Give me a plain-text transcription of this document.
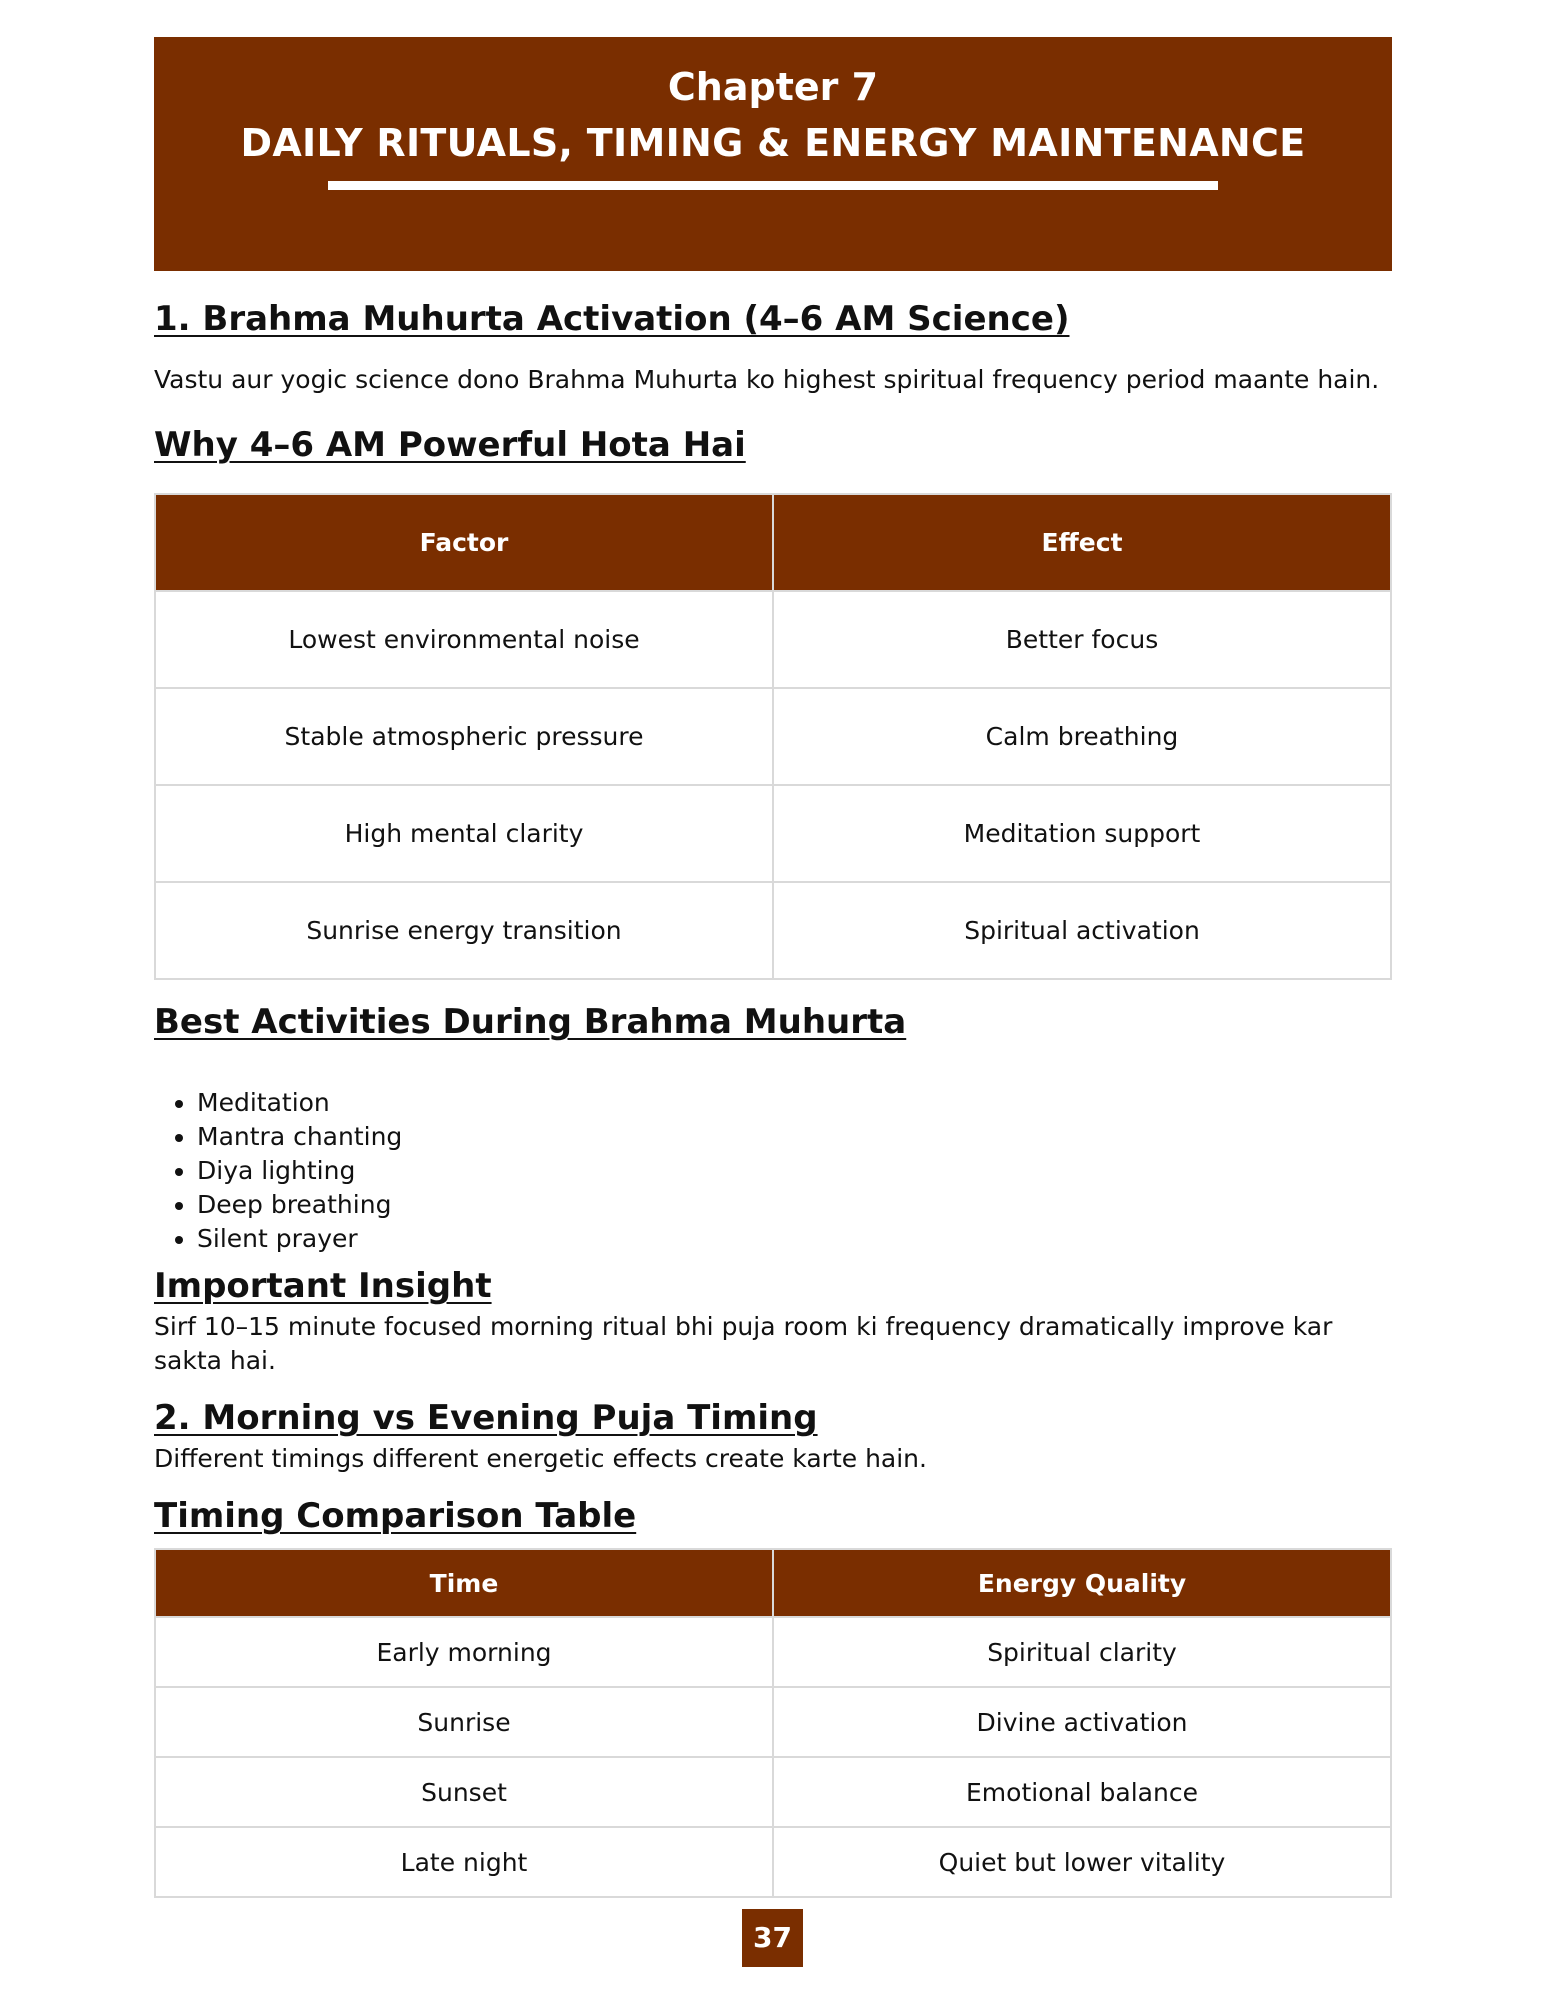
Chapter 7
DAILY RITUALS, TIMING & ENERGY MAINTENANCE
1. Brahma Muhurta Activation (4–6 AM Science)

Vastu aur yogic science dono Brahma Muhurta ko highest spiritual frequency period maante hain.

Why 4–6 AM Powerful Hota Hai
Factor	Effect
Lowest environmental noise	Better focus
Stable atmospheric pressure	Calm breathing
High mental clarity	Meditation support
Sunrise energy transition	Spiritual activation
Best Activities During Brahma Muhurta
• Meditation
• Mantra chanting
• Diya lighting
• Deep breathing
• Silent prayer
Important Insight

Sirf 10–15 minute focused morning ritual bhi puja room ki frequency dramatically improve kar sakta hai.

2. Morning vs Evening Puja Timing

Different timings different energetic effects create karte hain.

Timing Comparison Table
Time	Energy Quality
Early morning	Spiritual clarity
Sunrise	Divine activation
Sunset	Emotional balance
Late night	Quiet but lower vitality
37
